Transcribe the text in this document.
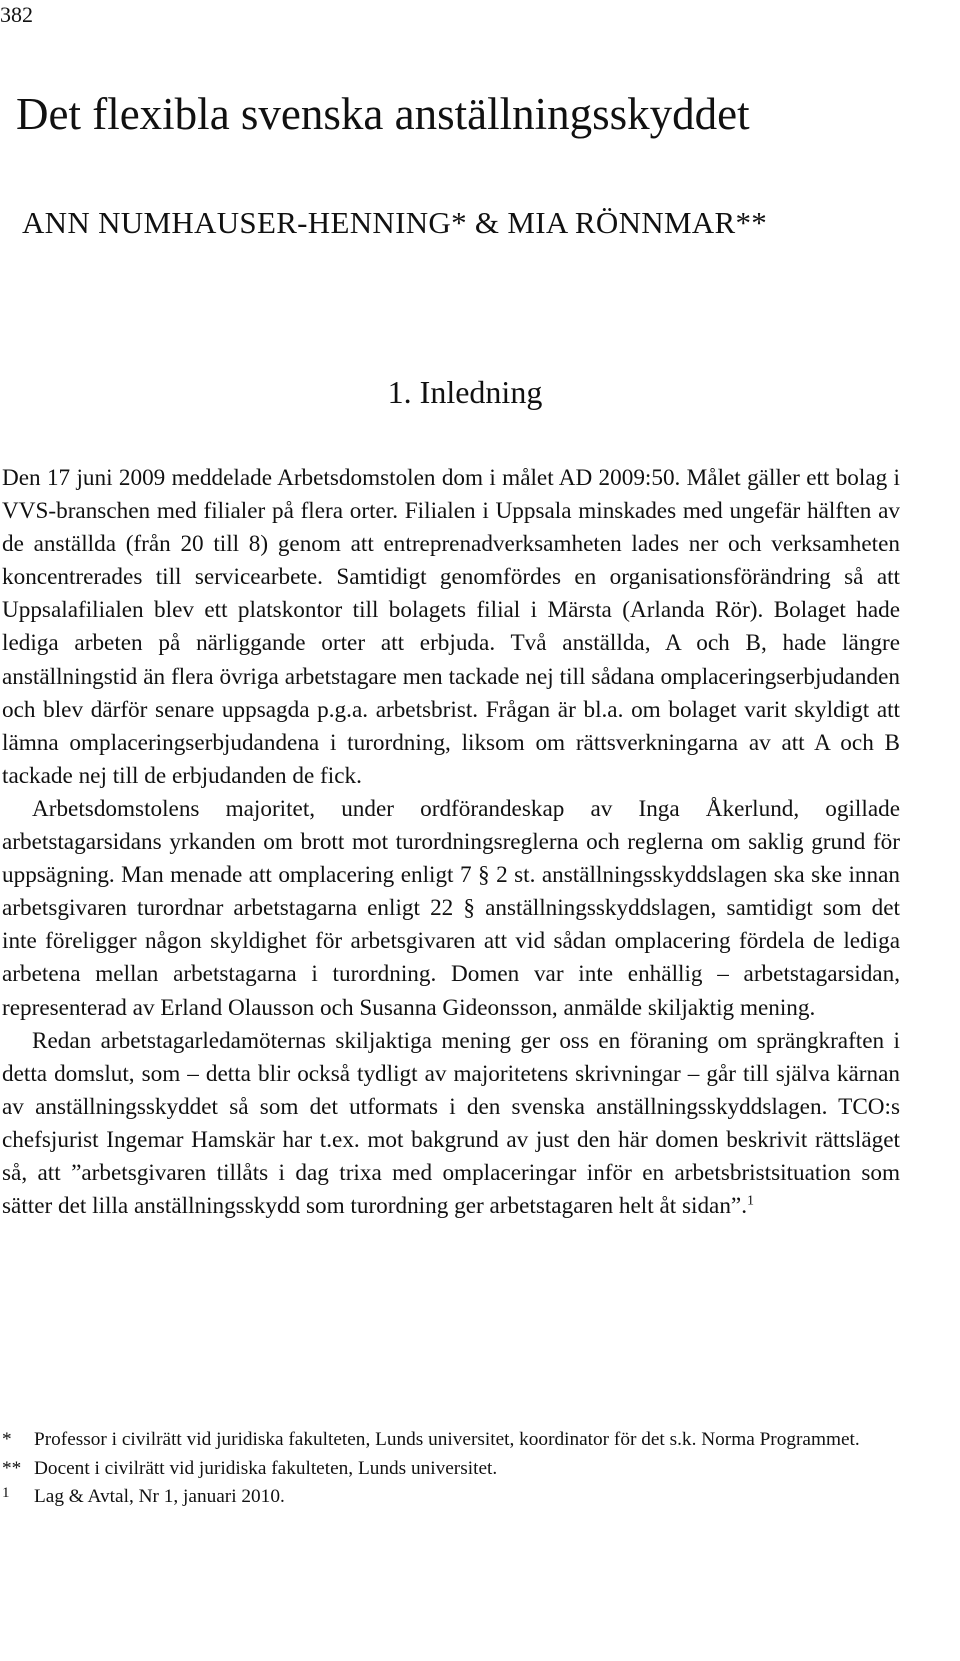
382
Det flexibla svenska anställningsskyddet
ANN NUMHAUSER-HENNING* & MIA RÖNNMAR**
1. Inledning

Den 17 juni 2009 meddelade Arbetsdomstolen dom i målet AD 2009:50. Målet gäller ett bolag i VVS-branschen med filialer på flera orter. Filialen i Uppsala minskades med ungefär hälften av de anställda (från 20 till 8) genom att entreprenadverksamheten lades ner och verksamheten koncentrerades till servicearbete. Samtidigt genomfördes en organisationsförändring så att Uppsalafilialen blev ett platskontor till bolagets filial i Märsta (Arlanda Rör). Bolaget hade lediga arbeten på närliggande orter att erbjuda. Två anställda, A och B, hade längre anställningstid än flera övriga arbetstagare men tackade nej till sådana omplaceringserbjudanden och blev därför senare uppsagda p.g.a. arbetsbrist. Frågan är bl.a. om bolaget varit skyldigt att lämna omplaceringserbjudandena i turordning, liksom om rättsverkningarna av att A och B tackade nej till de erbjudanden de fick.

Arbetsdomstolens majoritet, under ordförandeskap av Inga Åkerlund, ogillade arbetstagarsidans yrkanden om brott mot turordningsreglerna och reglerna om saklig grund för uppsägning. Man menade att omplacering enligt 7 § 2 st. anställningsskyddslagen ska ske innan arbetsgivaren turordnar arbetstagarna enligt 22 § anställningsskyddslagen, samtidigt som det inte föreligger någon skyldighet för arbetsgivaren att vid sådan omplacering fördela de lediga arbetena mellan arbetstagarna i turordning. Domen var inte enhällig – arbetstagarsidan, representerad av Erland Olausson och Susanna Gideonsson, anmälde skiljaktig mening.

Redan arbetstagarledamöternas skiljaktiga mening ger oss en föraning om sprängkraften i detta domslut, som – detta blir också tydligt av majoritetens skrivningar – går till själva kärnan av anställningsskyddet så som det utformats i den svenska anställningsskyddslagen. TCO:s chefsjurist Ingemar Hamskär har t.ex. mot bakgrund av just den här domen beskrivit rättsläget så, att ”arbetsgivaren tillåts i dag trixa med omplaceringar inför en arbetsbristsituation som sätter det lilla anställningsskydd som turordning ger arbetstagaren helt åt sidan”.$^1$

*	Professor i civilrätt vid juridiska fakulteten, Lunds universitet, koordinator för det s.k. Norma Programmet.
** Docent i civilrätt vid juridiska fakulteten, Lunds universitet.
1	Lag & Avtal, Nr 1, januari 2010.
